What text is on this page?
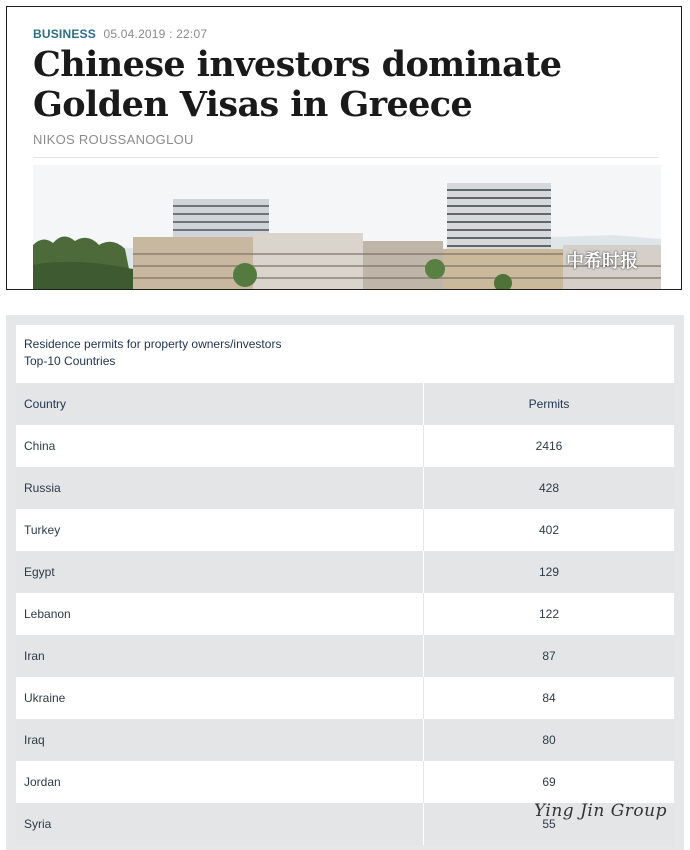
BUSINESS 05.04.2019 : 22:07
Chinese investors dominate Golden Visas in Greece
NIKOS ROUSSANOGLOU
中希时报
Residence permits for property owners/investors
Top-10 Countries
Country	Permits
China	2416
Russia	428
Turkey	402
Egypt	129
Lebanon	122
Iran	87
Ukraine	84
Iraq	80
Jordan	69
Syria	55
Ying Jin Group
